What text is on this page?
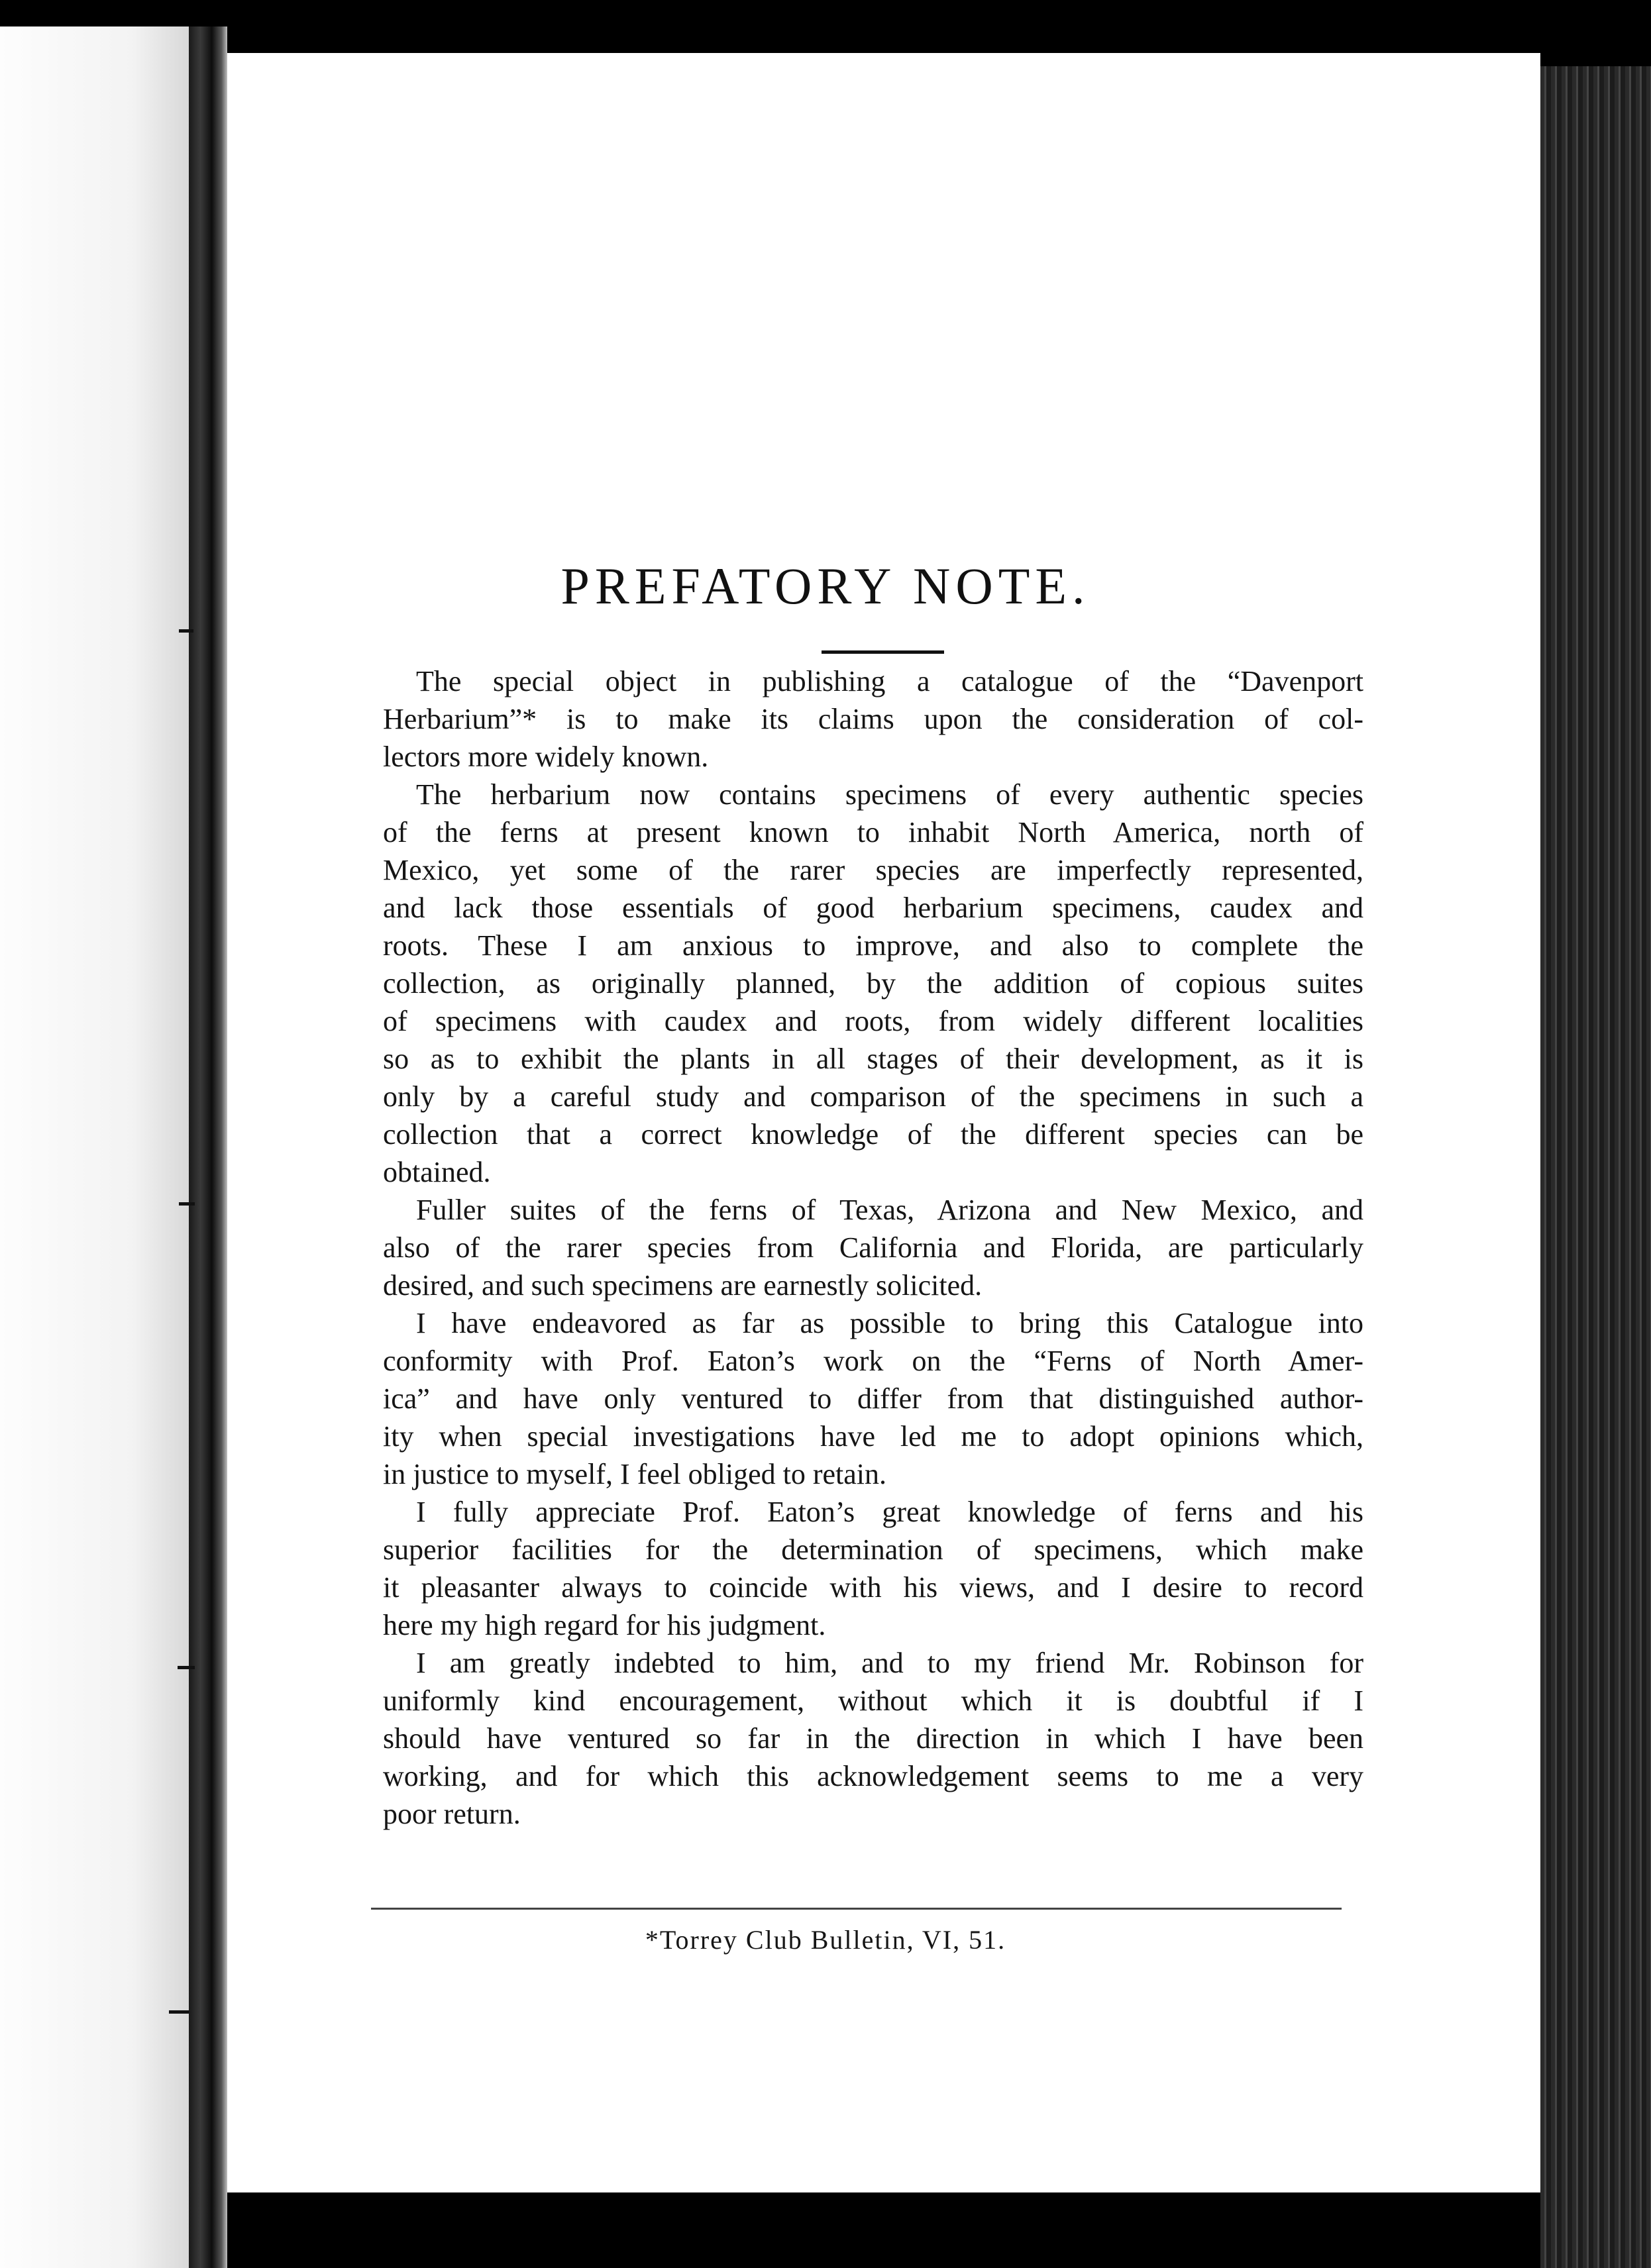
PREFATORY NOTE.

The special object in publishing a catalogue of the “Davenport
Herbarium”* is to make its claims upon the consideration of col-
lectors more widely known.

The herbarium now contains specimens of every authentic species
of the ferns at present known to inhabit North America, north of
Mexico, yet some of the rarer species are imperfectly represented,
and lack those essentials of good herbarium specimens, caudex and
roots. These I am anxious to improve, and also to complete the
collection, as originally planned, by the addition of copious suites
of specimens with caudex and roots, from widely different localities
so as to exhibit the plants in all stages of their development, as it is
only by a careful study and comparison of the specimens in such a
collection that a correct knowledge of the different species can be
obtained.

Fuller suites of the ferns of Texas, Arizona and New Mexico, and
also of the rarer species from California and Florida, are particularly
desired, and such specimens are earnestly solicited.

I have endeavored as far as possible to bring this Catalogue into
conformity with Prof. Eaton’s work on the “Ferns of North Amer-
ica” and have only ventured to differ from that distinguished author-
ity when special investigations have led me to adopt opinions which,
in justice to myself, I feel obliged to retain.

I fully appreciate Prof. Eaton’s great knowledge of ferns and his
superior facilities for the determination of specimens, which make
it pleasanter always to coincide with his views, and I desire to record
here my high regard for his judgment.

I am greatly indebted to him, and to my friend Mr. Robinson for
uniformly kind encouragement, without which it is doubtful if I
should have ventured so far in the direction in which I have been
working, and for which this acknowledgement seems to me a very
poor return.

*Torrey Club Bulletin, VI, 51.
